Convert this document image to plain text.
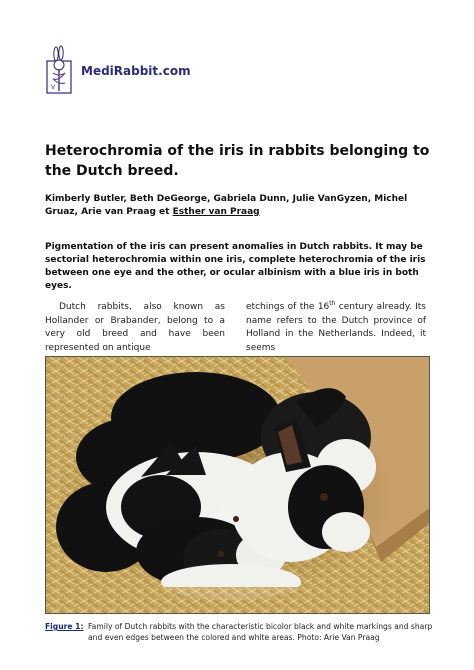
V
MediRabbit.com
Heterochromia of the iris in rabbits belonging to the Dutch breed.
Kimberly Butler, Beth DeGeorge, Gabriela Dunn, Julie VanGyzen, Michel Gruaz, Arie van Praag et Esther van Praag

Pigmentation of the iris can present anomalies in Dutch rabbits. It may be sectorial heterochromia within one iris, complete heterochromia of the iris between one eye and the other, or ocular albinism with a blue iris in both eyes.

Dutch rabbits, also known as Hollander or Brabander, belong to a very old breed and have been represented on antique

etchings of the 16th century already. Its name refers to the Dutch province of Holland in the Netherlands. Indeed, it seems

Figure 1: Family of Dutch rabbits with the characteristic bicolor black and white markings and sharp and even edges between the colored and white areas. Photo: Arie Van Praag
